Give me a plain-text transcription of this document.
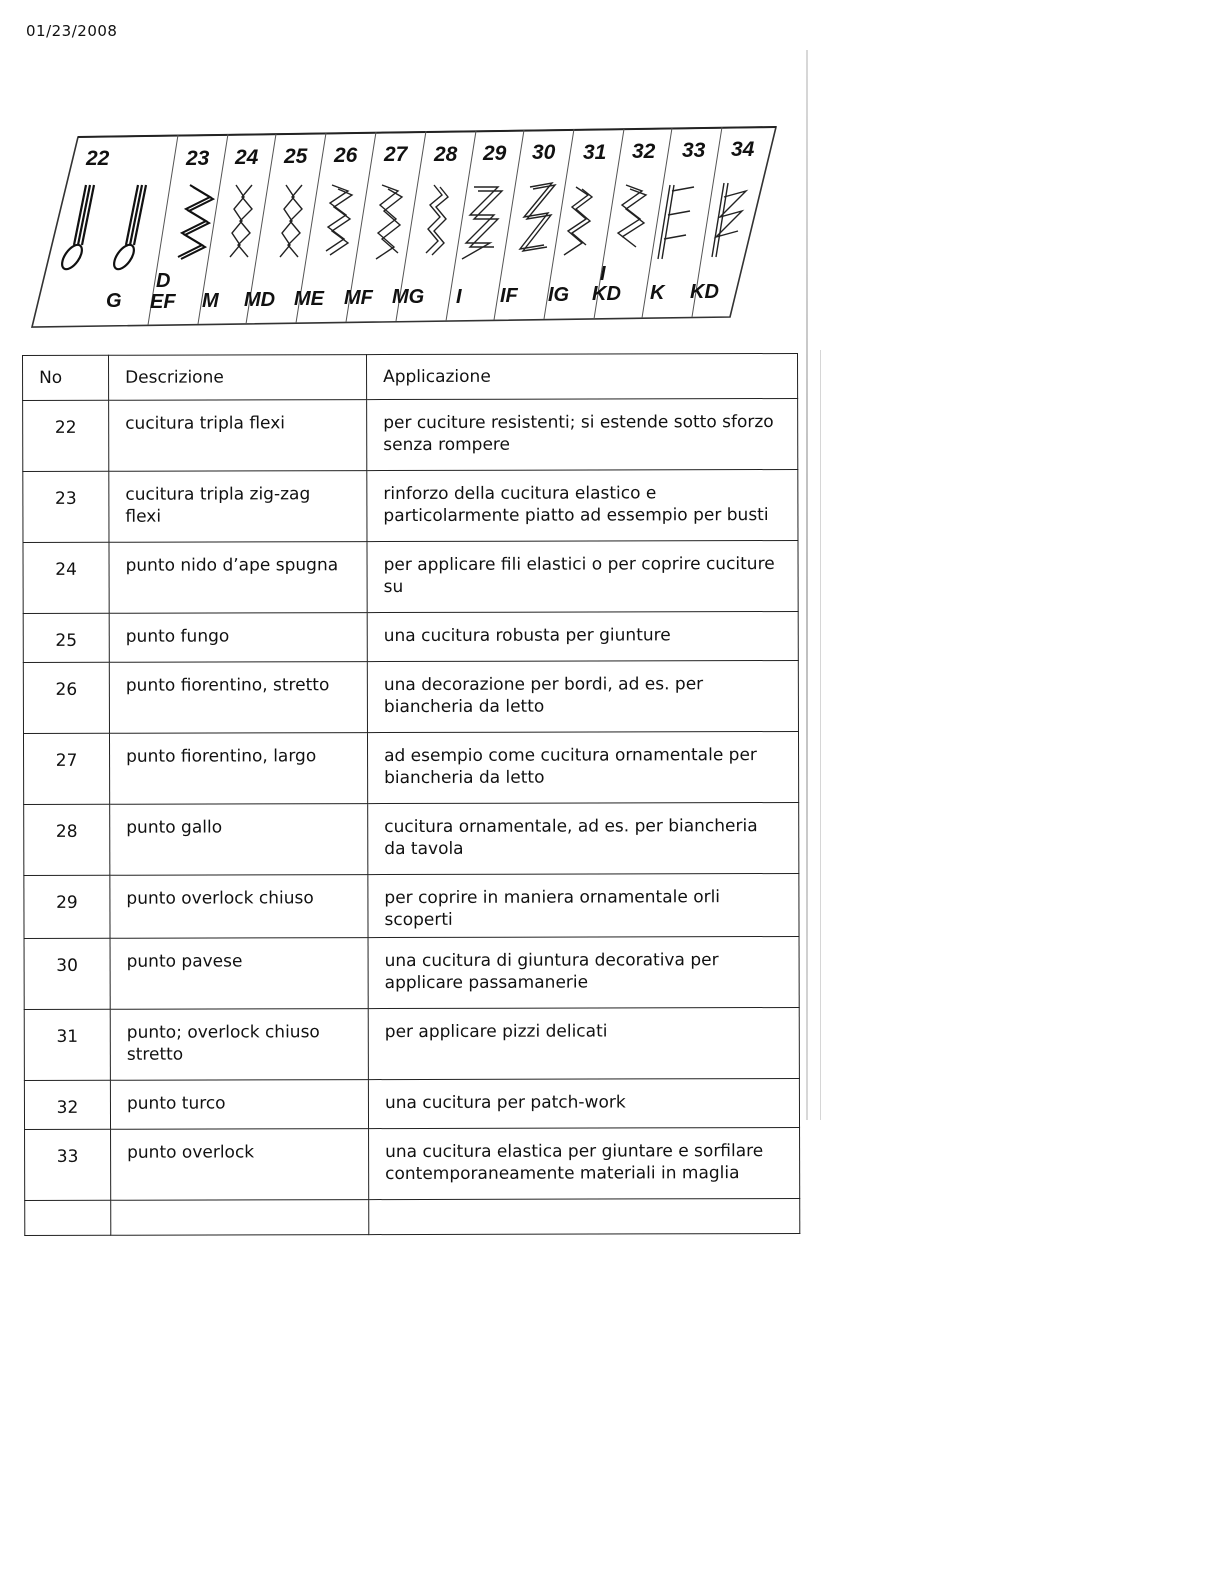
01/23/2008
22	23 24 25 26 27 28 29 30 31 32 33 34
G
D
EF M MD ME MF MG I IF IG
I
KD K KD
No	Descrizione	Applicazione
22	cucitura tripla flexi	per cuciture resistenti; si estende sotto sforzo senza rompere
23	cucitura tripla zig-zag flexi	rinforzo della cucitura elastico e particolarmente piatto ad essempio per busti
24	punto nido d’ape spugna	per applicare fili elastici o per coprire cuciture su
25	punto fungo	una cucitura robusta per giunture
26	punto fiorentino, stretto	una decorazione per bordi, ad es. per biancheria da letto
27	punto fiorentino, largo	ad esempio come cucitura ornamentale per biancheria da letto
28	punto gallo	cucitura ornamentale, ad es. per biancheria da tavola
29	punto overlock chiuso	per coprire in maniera ornamentale orli scoperti
30	punto pavese	una cucitura di giuntura decorativa per applicare passamanerie
31	punto; overlock chiuso stretto	per applicare pizzi delicati
32	punto turco	una cucitura per patch-work
33	punto overlock	una cucitura elastica per giuntare e sorfilare contemporaneamente materiali in maglia
